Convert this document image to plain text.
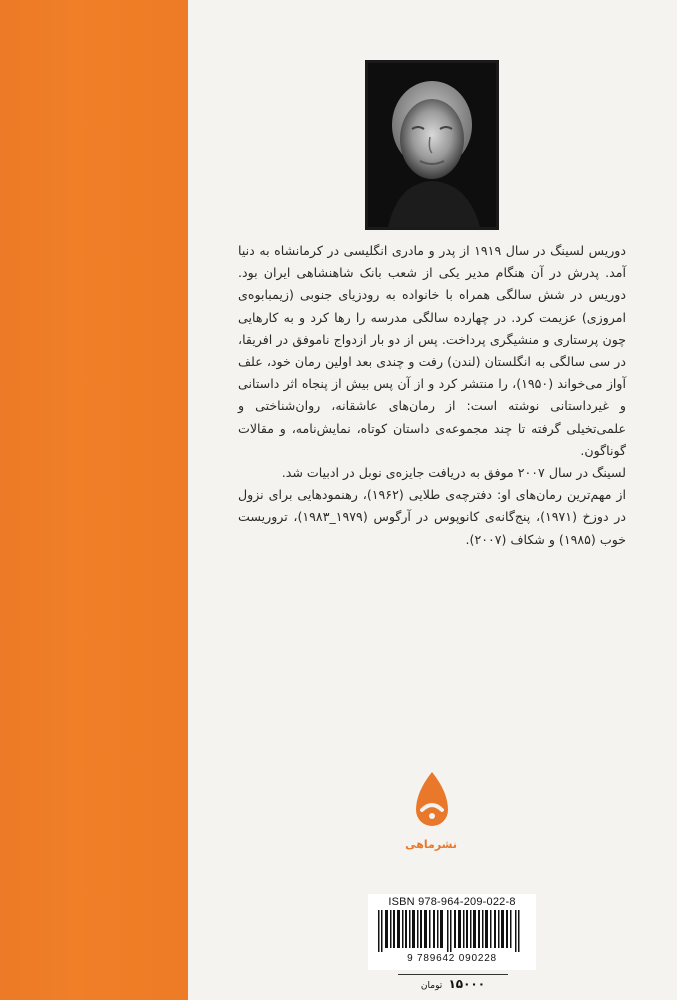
دوریس لسینگ در سال ۱۹۱۹ از پدر و مادری انگلیسی در کرمانشاه به دنیا آمد. پدرش در آن هنگام مدیر یکی از شعب بانک شاهنشاهی ایران بود. دوریس در شش سالگی همراه با خانواده به رودزیای جنوبی (زیمبابوه‌ی امروزی) عزیمت کرد. در چهارده سالگی مدرسه را رها کرد و به کارهایی چون پرستاری و منشیگری پرداخت. پس از دو بار ازدواج ناموفق در افریقا، در سی سالگی به انگلستان (لندن) رفت و چندی بعد اولین رمان خود، علف آواز می‌خواند (۱۹۵۰)، را منتشر کرد و از آن پس بیش از پنجاه اثر داستانی و غیرداستانی نوشته است: از رمان‌های عاشقانه، روان‌شناختی و علمی‌تخیلی گرفته تا چند مجموعه‌ی داستان کوتاه، نمایش‌نامه، و مقالات گوناگون.

لسینگ در سال ۲۰۰۷ موفق به دریافت جایزه‌ی نوبل در ادبیات شد.

از مهم‌ترین رمان‌های او: دفترچه‌ی طلایی (۱۹۶۲)، رهنمودهایی برای نزول در دوزخ (۱۹۷۱)، پنج‌گانه‌ی کانوپوس در آرگوس (۱۹۷۹_۱۹۸۳)، تروریست خوب (۱۹۸۵) و شکاف (۲۰۰۷).

نشرماهی
ISBN 978-964-209-022-8
9 789642 090228
۱۵۰۰۰ تومان
